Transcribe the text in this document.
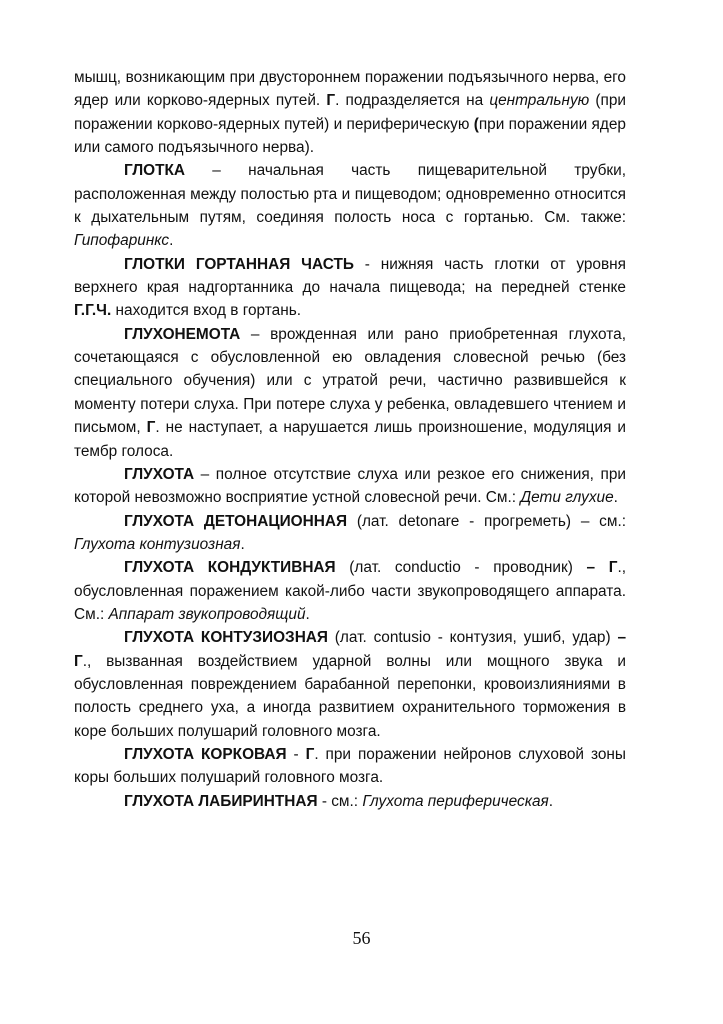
мышц, возникающим при двустороннем поражении подъязычного нерва, его ядер или корково-ядерных путей. Г. подразделяется на центральную (при поражении корково-ядерных путей) и периферическую (при поражении ядер или самого подъязычного нерва).

ГЛОТКА – начальная часть пищеварительной трубки, расположенная между полостью рта и пищеводом; одновременно относится к дыхательным путям, соединяя полость носа с гортанью. См. также: Гипофаринкс.

ГЛОТКИ ГОРТАННАЯ ЧАСТЬ - нижняя часть глотки от уровня верхнего края надгортанника до начала пищевода; на передней стенке Г.Г.Ч. находится вход в гортань.

ГЛУХОНЕМОТА – врожденная или рано приобретенная глухота, сочетающаяся с обусловленной ею овладения словесной речью (без специального обучения) или с утратой речи, частично развившейся к моменту потери слуха. При потере слуха у ребенка, овладевшего чтением и письмом, Г. не наступает, а нарушается лишь произношение, модуляция и тембр голоса.

ГЛУХОТА – полное отсутствие слуха или резкое его снижения, при которой невозможно восприятие устной словесной речи. См.: Дети глухие.

ГЛУХОТА ДЕТОНАЦИОННАЯ (лат. detonare - прогреметь) – см.: Глухота контузиозная.

ГЛУХОТА КОНДУКТИВНАЯ (лат. conductio - проводник) – Г., обусловленная поражением какой-либо части звукопроводящего аппарата. См.: Аппарат звукопроводящий.

ГЛУХОТА КОНТУЗИОЗНАЯ (лат. contusio - контузия, ушиб, удар) – Г., вызванная воздействием ударной волны или мощного звука и обусловленная повреждением барабанной перепонки, кровоизлияниями в полость среднего уха, а иногда развитием охранительного торможения в коре больших полушарий головного мозга.

ГЛУХОТА КОРКОВАЯ - Г. при поражении нейронов слуховой зоны коры больших полушарий головного мозга.

ГЛУХОТА ЛАБИРИНТНАЯ - см.: Глухота периферическая.

56
